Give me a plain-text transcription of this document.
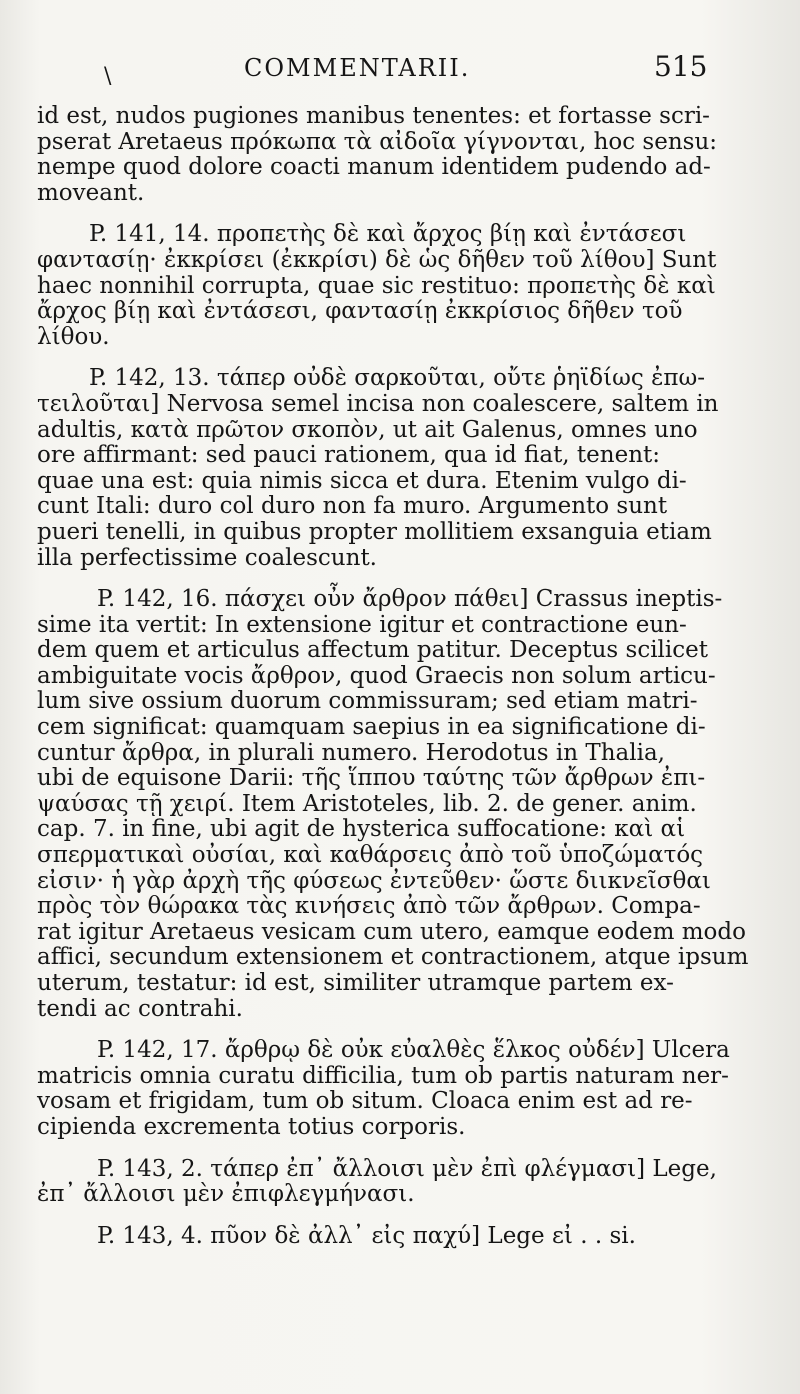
\	COMMENTARII.	515

id est, nudos pugiones manibus tenentes: et fortasse scri-
pserat Aretaeus πρόκωπα τὰ αἰδοῖα γίγνονται, hoc sensu:
nempe quod dolore coacti manum identidem pudendo ad-
moveant.

P. 141, 14. προπετὴς δὲ καὶ ἄρχος βίῃ καὶ ἐντάσεσι
φαντασίῃ· ἐκκρίσει (ἐκκρίσι) δὲ ὡς δῆθεν τοῦ λίθου] Sunt
haec nonnihil corrupta, quae sic restituo: προπετὴς δὲ καὶ
ἄρχος βίῃ καὶ ἐντάσεσι, φαντασίῃ ἐκκρίσιος δῆθεν τοῦ
λίθου.

P. 142, 13. τάπερ οὐδὲ σαρκοῦται, οὔτε ῥηϊδίως ἐπω-
τειλοῦται] Nervosa semel incisa non coalescere, saltem in
adultis, κατὰ πρῶτον σκοπὸν, ut ait Galenus, omnes uno
ore affirmant: sed pauci rationem, qua id fiat, tenent:
quae una est: quia nimis sicca et dura. Etenim vulgo di-
cunt Itali: duro col duro non fa muro. Argumento sunt
pueri tenelli, in quibus propter mollitiem exsanguia etiam
illa perfectissime coalescunt.

P. 142, 16. πάσχει οὖν ἄρθρον πάθει] Crassus ineptis-
sime ita vertit: In extensione igitur et contractione eun-
dem quem et articulus affectum patitur. Deceptus scilicet
ambiguitate vocis ἄρθρον, quod Graecis non solum articu-
lum sive ossium duorum commissuram; sed etiam matri-
cem significat: quamquam saepius in ea significatione di-
cuntur ἄρθρα, in plurali numero. Herodotus in Thalia,
ubi de equisone Darii: τῆς ἵππου ταύτης τῶν ἄρθρων ἐπι-
ψαύσας τῇ χειρί. Item Aristoteles, lib. 2. de gener. anim.
cap. 7. in fine, ubi agit de hysterica suffocatione: καὶ αἱ
σπερματικαὶ οὐσίαι, καὶ καθάρσεις ἀπὸ τοῦ ὑποζώματός
εἰσιν· ἡ γὰρ ἀρχὴ τῆς φύσεως ἐντεῦθεν· ὥστε διικνεῖσθαι
πρὸς τὸν θώρακα τὰς κινήσεις ἀπὸ τῶν ἄρθρων. Compa-
rat igitur Aretaeus vesicam cum utero, eamque eodem modo
affici, secundum extensionem et contractionem, atque ipsum
uterum, testatur: id est, similiter utramque partem ex-
tendi ac contrahi.

P. 142, 17. ἄρθρῳ δὲ οὐκ εὐαλθὲς ἕλκος οὐδέν] Ulcera
matricis omnia curatu difficilia, tum ob partis naturam ner-
vosam et frigidam, tum ob situm. Cloaca enim est ad re-
cipienda excrementa totius corporis.

P. 143, 2. τάπερ ἐπ᾽ ἄλλοισι μὲν ἐπὶ φλέγμασι] Lege,
ἐπ᾽ ἄλλοισι μὲν ἐπιφλεγμήνασι.

P. 143, 4. πῦον δὲ ἀλλ᾽ εἰς παχύ] Lege εἰ . . si.
